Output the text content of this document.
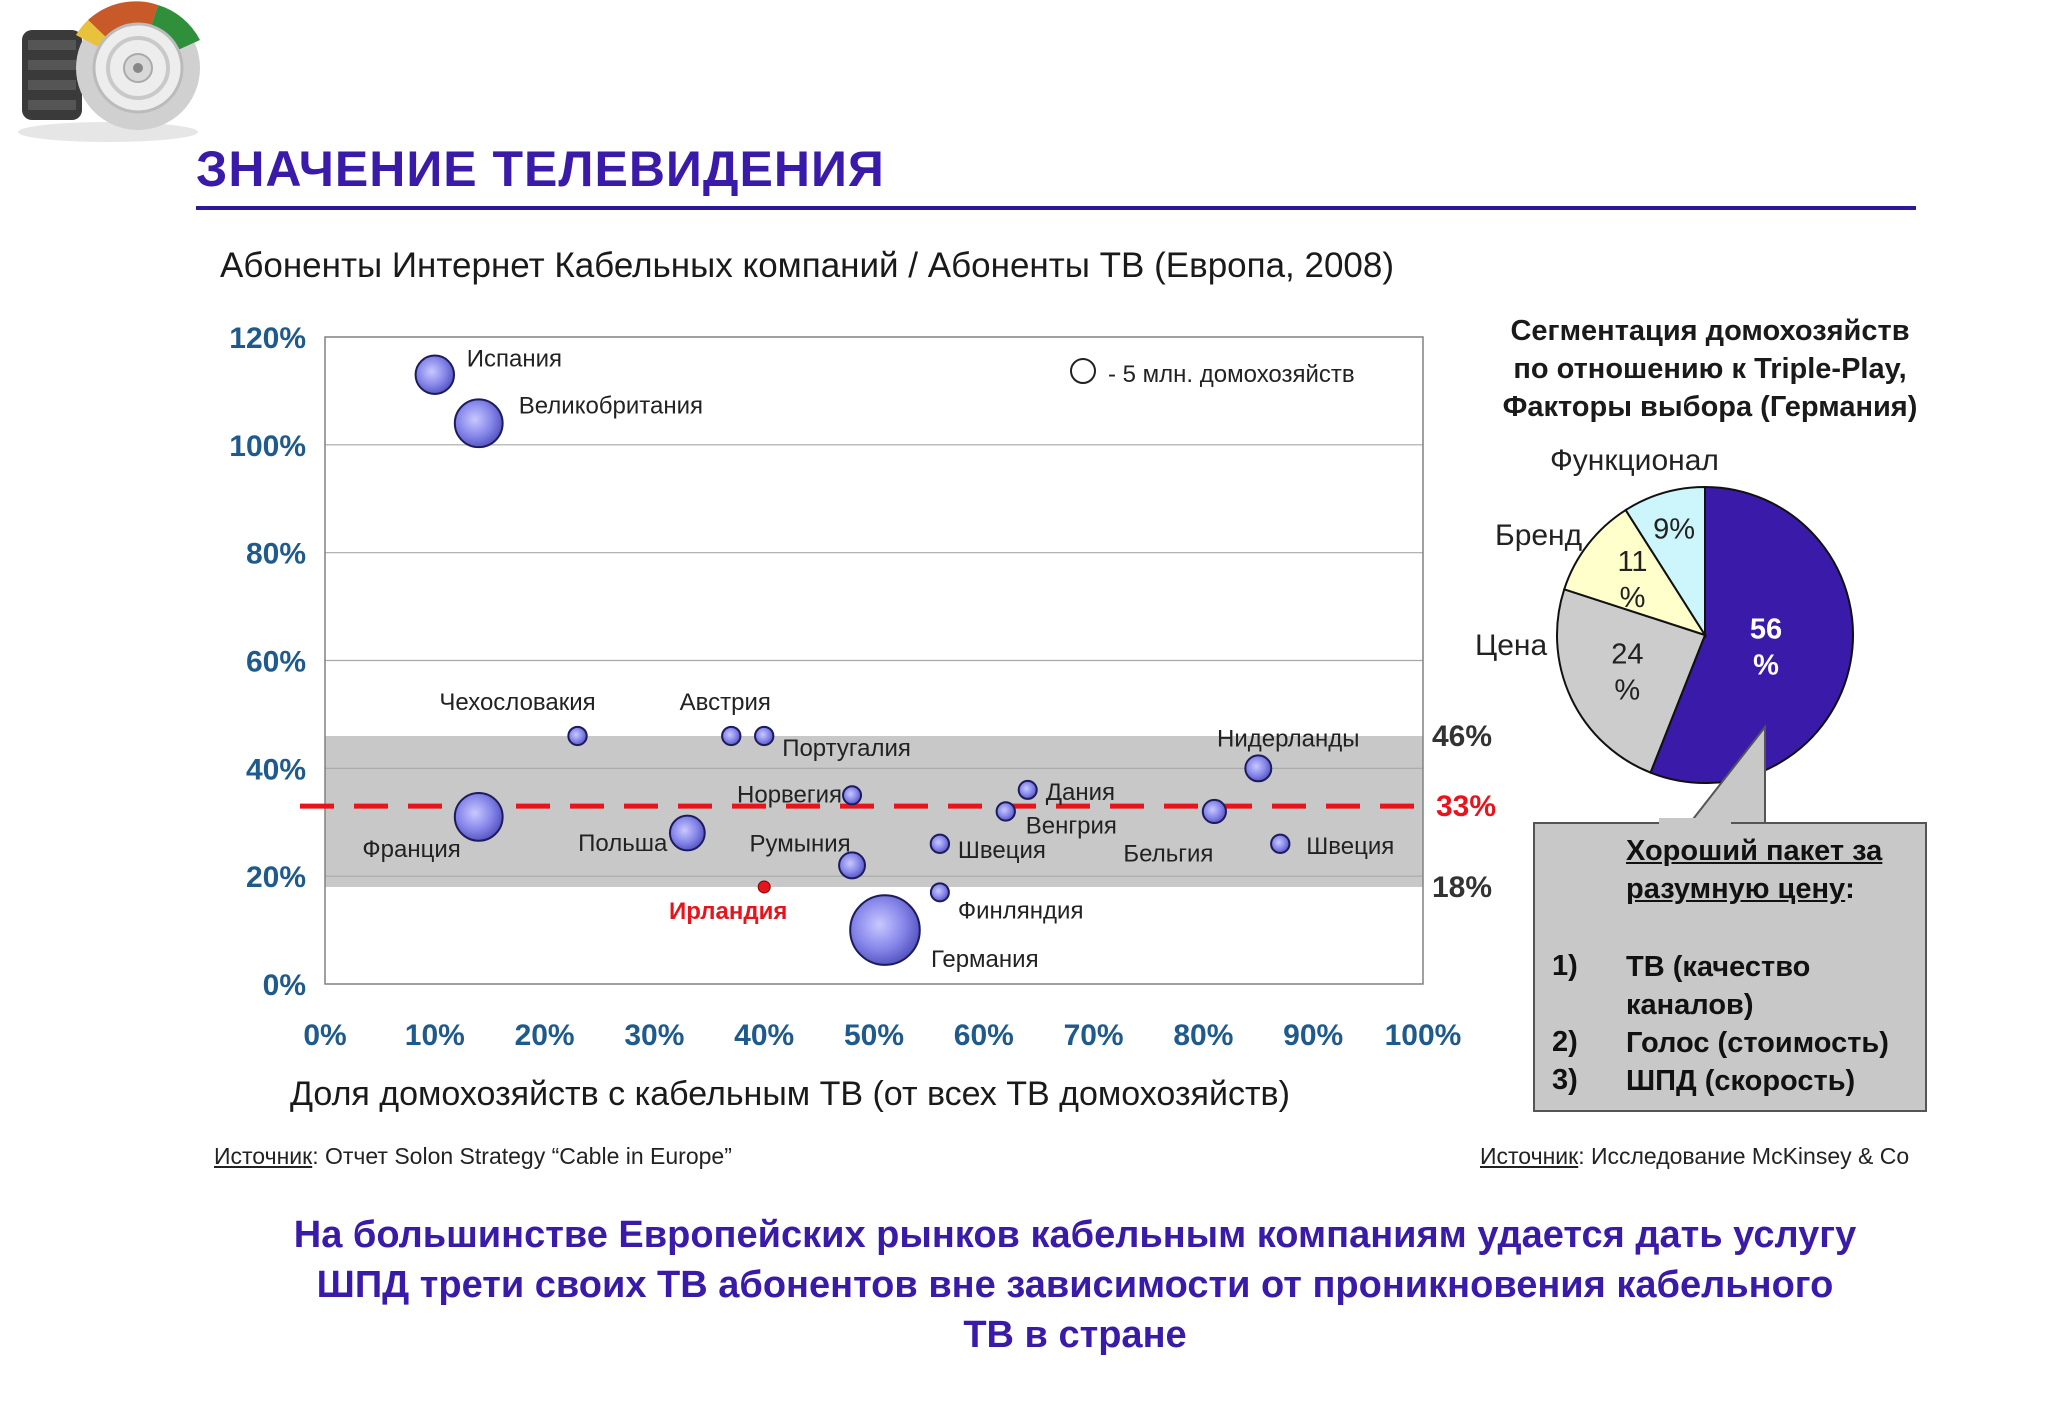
ЗНАЧЕНИЕ ТЕЛЕВИДЕНИЯ
Абоненты Интернет Кабельных компаний / Абоненты ТВ (Европа, 2008)
46%
18%
33%
Испания
Великобритания
Чехословакия	Австрия
Португалия	Нидерланды
Норвегия	Дания
Венгрия
Франция	Польша	Румыния	Швеция	Бельгия	Швеция
Ирландия	Финляндия
Германия
0%
20%
40%
60%
80%
100%
120%
0% 10% 20% 30% 40% 50% 60% 70% 80% 90% 100%
- 5 млн. домохозяйств
Доля домохозяйств с кабельным ТВ (от всех ТВ домохозяйств)
Источник: Отчет Solon Strategy “Cable in Europe”
Сегментация домохозяйств
по отношению к Triple-Play,
Факторы выбора (Германия)
56
%
24
%
11
%
9%
Цена
Бренд
Функционал
Хороший пакет за разумную цену:
1) ТВ (качество каналов)
2) Голос (стоимость)
3) ШПД (скорость)
Источник: Исследование McKinsey & Co
На большинстве Европейских рынков кабельным компаниям удается дать услугу
ШПД трети своих ТВ абонентов вне зависимости от проникновения кабельного
ТВ в стране
